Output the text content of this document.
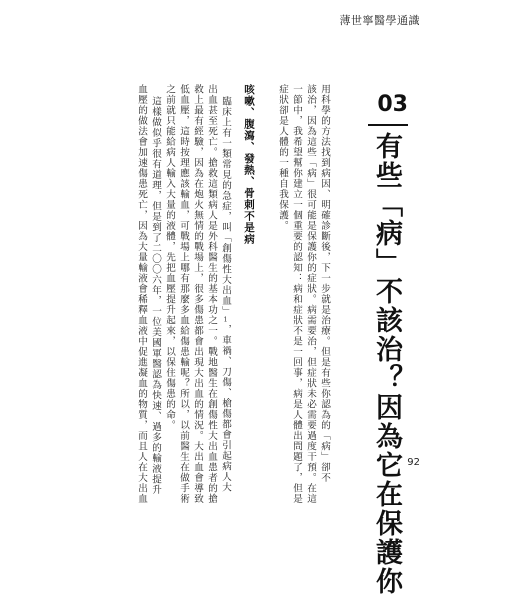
薄世寧醫學通識
03
有些「病」不該治？因為它在保護你
用科學的方法找到病因、明確診斷後，下一步就是治療。但是有些你認為的「病」卻不
該治，因為這些「病」很可能是保護你的症狀。病需要治，但症狀未必需要過度干預。在這
一節中，我希望幫你建立一個重要的認知：病和症狀不是一回事，病是人體出問題了，但是
症狀卻是人體的一種自我保護。
咳嗽、腹瀉、發熱、骨刺不是病
臨床上有一類常見的急症，叫「創傷性大出血」1，車禍、刀傷、槍傷都會引起病人大
出血甚至死亡。搶救這類病人是外科醫生的基本功之一。戰地醫生在創傷性大出血患者的搶
救上最有經驗，因為在炮火無情的戰場上，很多傷患都會出現大出血的情況。大出血會導致
低血壓，這時按理應該輸血，可戰場上哪有那麼多血給傷患輸呢？所以，以前醫生在做手術
之前就只能給病人輸入大量的液體，先把血壓提升起來，以保住傷患的命。
這樣做似乎很有道理，但是到了二〇〇六年，一位美國軍醫認為快速、過多的輸液提升
血壓的做法會加速傷患死亡，因為大量輸液會稀釋血液中促進凝血的物質，而且人在大出血	92
